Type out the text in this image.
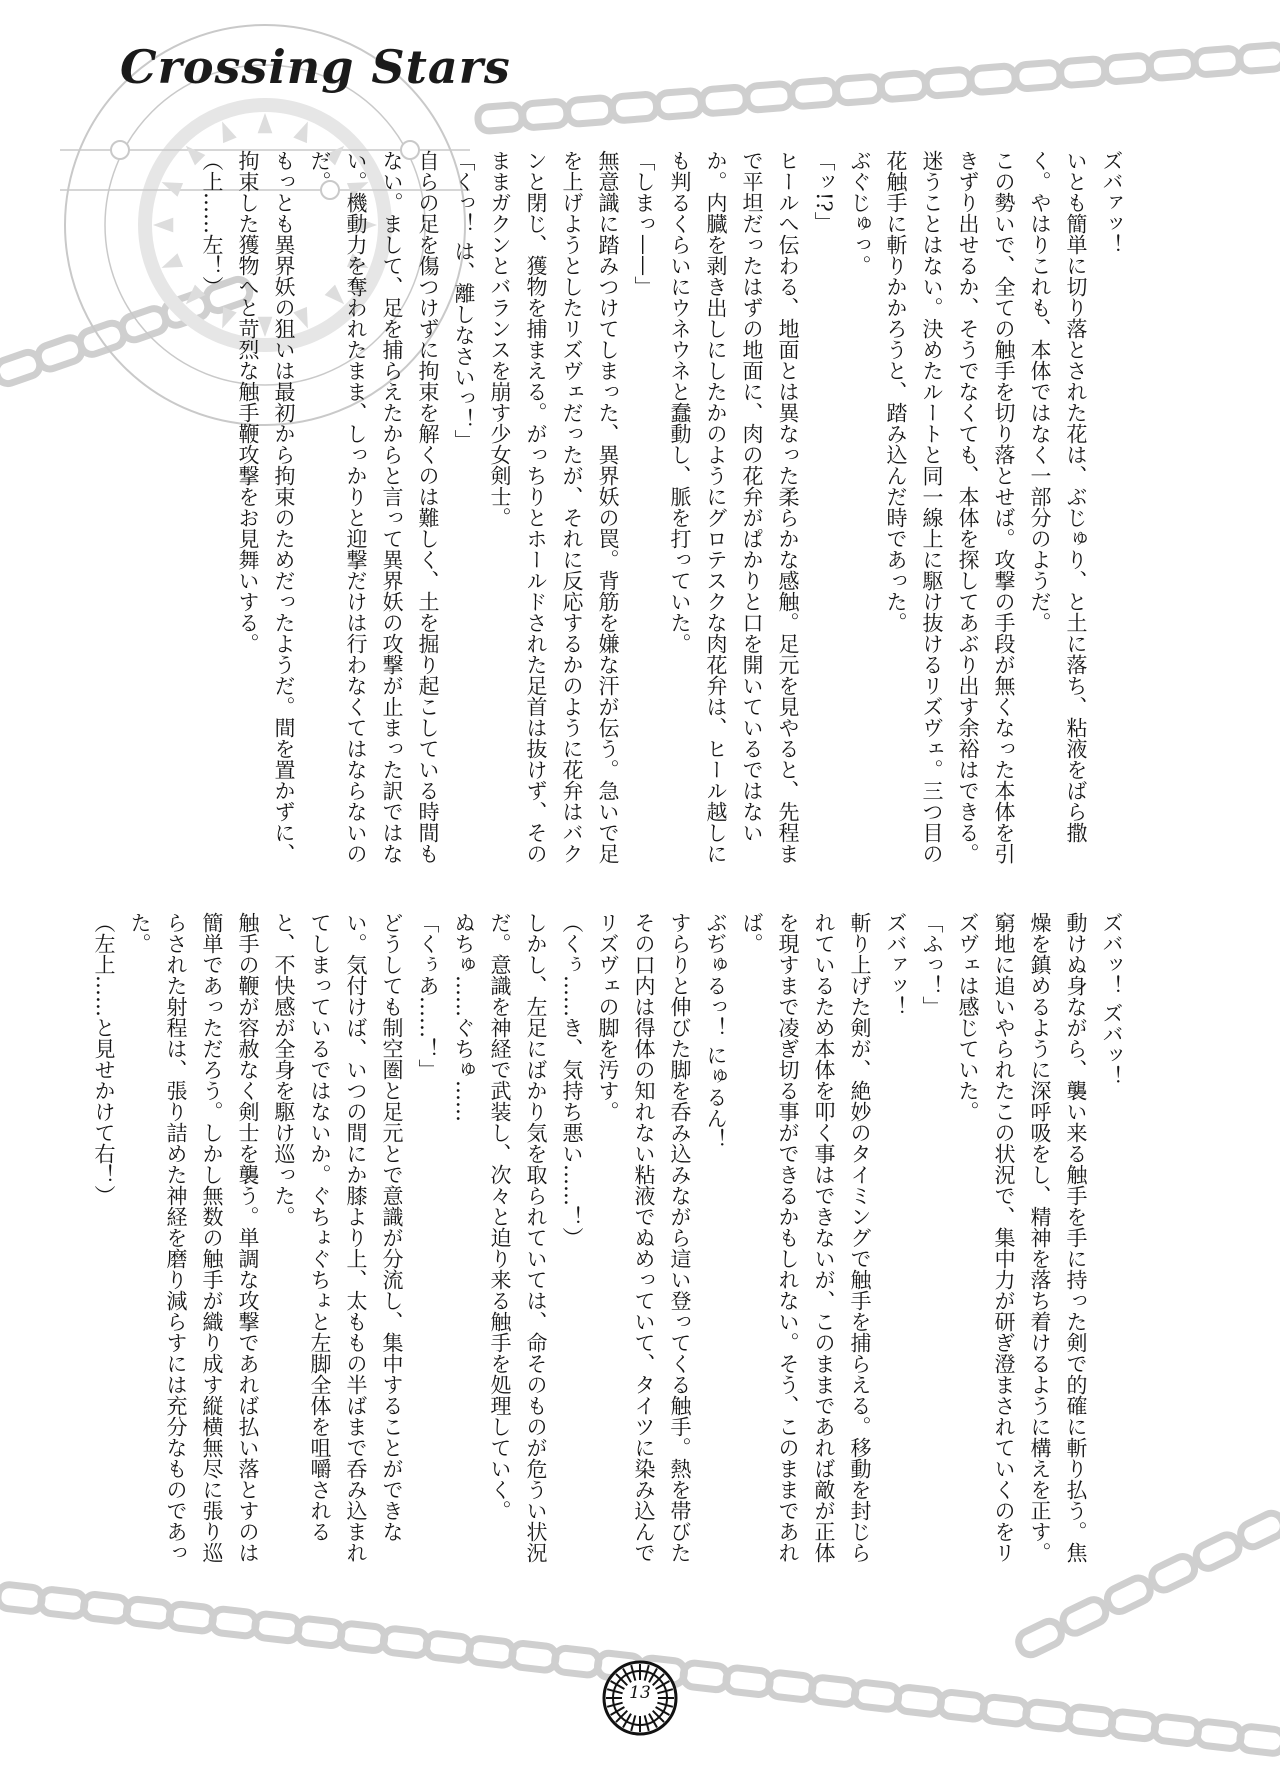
Crossing Stars

ズバァッ！

いとも簡単に切り落とされた花は、ぶじゅり、と土に落ち、粘液をばら撒く。やはりこれも、本体ではなく一部分のようだ。

この勢いで、全ての触手を切り落とせば。攻撃の手段が無くなった本体を引きずり出せるか、そうでなくても、本体を探してあぶり出す余裕はできる。

迷うことはない。決めたルートと同一線上に駆け抜けるリズヴェ。三つ目の花触手に斬りかかろうと、踏み込んだ時であった。

ぶぐじゅっ。

「ッ!?」

ヒールへ伝わる、地面とは異なった柔らかな感触。足元を見やると、先程まで平坦だったはずの地面に、肉の花弁がぱかりと口を開いているではないか。内臓を剥き出しにしたかのようにグロテスクな肉花弁は、ヒール越しにも判るくらいにウネウネと蠢動し、脈を打っていた。

「しまっ——」

無意識に踏みつけてしまった、異界妖の罠。背筋を嫌な汗が伝う。急いで足を上げようとしたリズヴェだったが、それに反応するかのように花弁はバクンと閉じ、獲物を捕まえる。がっちりとホールドされた足首は抜けず、そのままガクンとバランスを崩す少女剣士。

「くっ！ は、離しなさいっ！」

自らの足を傷つけずに拘束を解くのは難しく、土を掘り起こしている時間もない。まして、足を捕らえたからと言って異界妖の攻撃が止まった訳ではない。機動力を奪われたまま、しっかりと迎撃だけは行わなくてはならないのだ。

もっとも異界妖の狙いは最初から拘束のためだったようだ。間を置かずに、拘束した獲物へと苛烈な触手鞭攻撃をお見舞いする。

（上……左！）

ズバッ！ ズバッ！

動けぬ身ながら、襲い来る触手を手に持った剣で的確に斬り払う。焦燥を鎮めるように深呼吸をし、精神を落ち着けるように構えを正す。窮地に追いやられたこの状況で、集中力が研ぎ澄まされていくのをリズヴェは感じていた。

「ふっ！」

ズバァッ！

斬り上げた剣が、絶妙のタイミングで触手を捕らえる。移動を封じられているため本体を叩く事はできないが、このままであれば敵が正体を現すまで凌ぎ切る事ができるかもしれない。そう、このままであれば。

ぶぢゅるっ！ にゅるん！

すらりと伸びた脚を呑み込みながら這い登ってくる触手。熱を帯びたその口内は得体の知れない粘液でぬめっていて、タイツに染み込んでリズヴェの脚を汚す。

（くぅ……き、気持ち悪い……！）

しかし、左足にばかり気を取られていては、命そのものが危うい状況だ。意識を神経で武装し、次々と迫り来る触手を処理していく。

ぬちゅ……ぐちゅ……

「くぅあ……！」

どうしても制空圏と足元とで意識が分流し、集中することができない。気付けば、いつの間にか膝より上、太ももの半ばまで呑み込まれてしまっているではないか。ぐちょぐちょと左脚全体を咀嚼されると、不快感が全身を駆け巡った。

触手の鞭が容赦なく剣士を襲う。単調な攻撃であれば払い落とすのは簡単であっただろう。しかし無数の触手が織り成す縦横無尽に張り巡らされた射程は、張り詰めた神経を磨り減らすには充分なものであった。

（左上……と見せかけて右！）

13
